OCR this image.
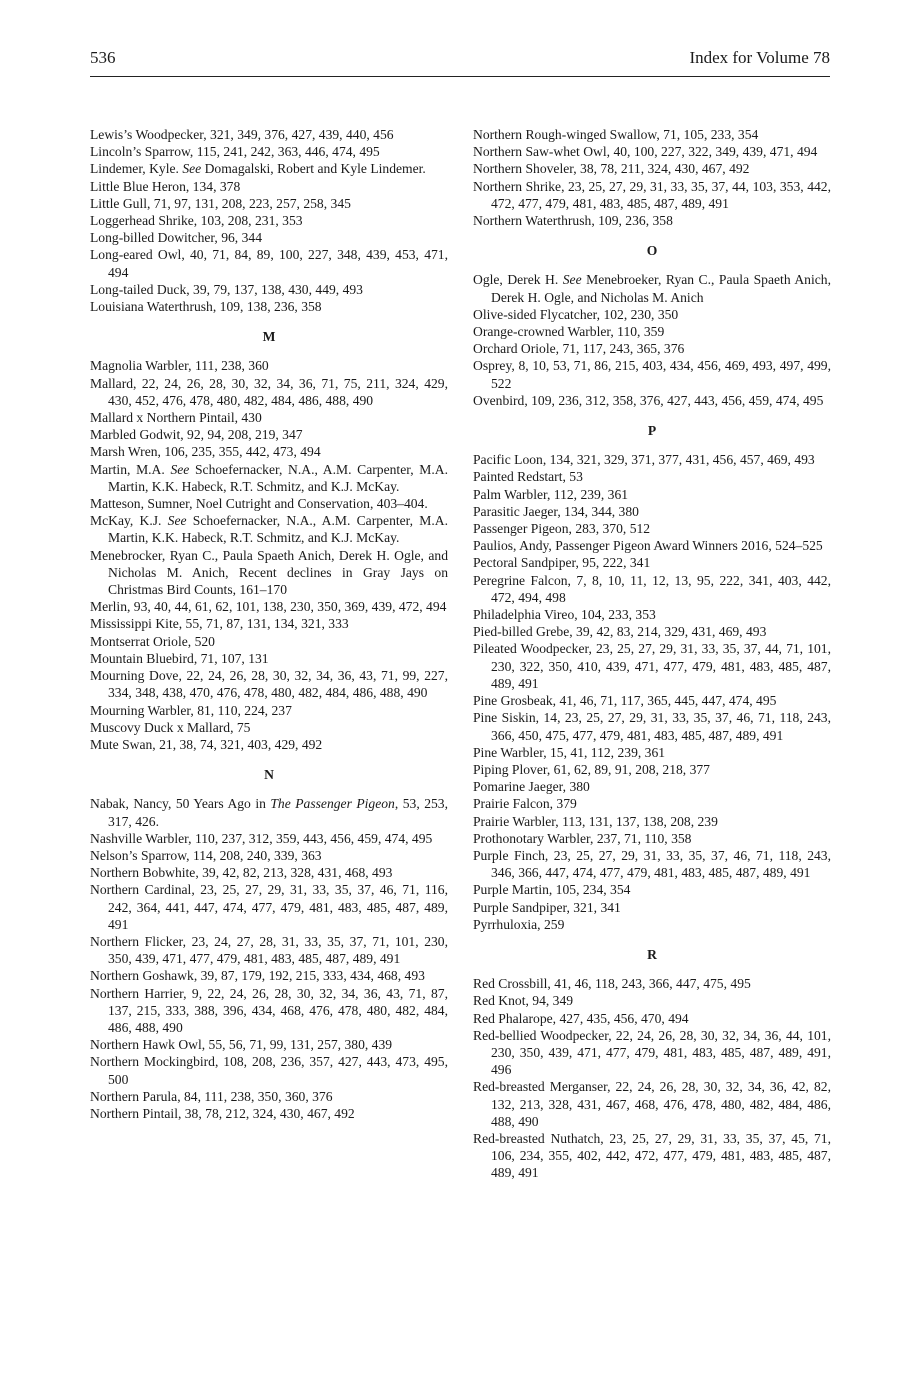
536	Index for Volume 78

Lewis’s Woodpecker, 321, 349, 376, 427, 439, 440, 456

Lincoln’s Sparrow, 115, 241, 242, 363, 446, 474, 495

Lindemer, Kyle. See Domagalski, Robert and Kyle Lindemer.

Little Blue Heron, 134, 378

Little Gull, 71, 97, 131, 208, 223, 257, 258, 345

Loggerhead Shrike, 103, 208, 231, 353

Long-billed Dowitcher, 96, 344

Long-eared Owl, 40, 71, 84, 89, 100, 227, 348, 439, 453, 471, 494

Long-tailed Duck, 39, 79, 137, 138, 430, 449, 493

Louisiana Waterthrush, 109, 138, 236, 358

M

Magnolia Warbler, 111, 238, 360

Mallard, 22, 24, 26, 28, 30, 32, 34, 36, 71, 75, 211, 324, 429, 430, 452, 476, 478, 480, 482, 484, 486, 488, 490

Mallard x Northern Pintail, 430

Marbled Godwit, 92, 94, 208, 219, 347

Marsh Wren, 106, 235, 355, 442, 473, 494

Martin, M.A. See Schoefernacker, N.A., A.M. Carpenter, M.A. Martin, K.K. Habeck, R.T. Schmitz, and K.J. McKay.

Matteson, Sumner, Noel Cutright and Conservation, 403–404.

McKay, K.J. See Schoefernacker, N.A., A.M. Carpenter, M.A. Martin, K.K. Habeck, R.T. Schmitz, and K.J. McKay.

Menebrocker, Ryan C., Paula Spaeth Anich, Derek H. Ogle, and Nicholas M. Anich, Recent declines in Gray Jays on Christmas Bird Counts, 161–170

Merlin, 93, 40, 44, 61, 62, 101, 138, 230, 350, 369, 439, 472, 494

Mississippi Kite, 55, 71, 87, 131, 134, 321, 333

Montserrat Oriole, 520

Mountain Bluebird, 71, 107, 131

Mourning Dove, 22, 24, 26, 28, 30, 32, 34, 36, 43, 71, 99, 227, 334, 348, 438, 470, 476, 478, 480, 482, 484, 486, 488, 490

Mourning Warbler, 81, 110, 224, 237

Muscovy Duck x Mallard, 75

Mute Swan, 21, 38, 74, 321, 403, 429, 492

N

Nabak, Nancy, 50 Years Ago in The Passenger Pigeon, 53, 253, 317, 426.

Nashville Warbler, 110, 237, 312, 359, 443, 456, 459, 474, 495

Nelson’s Sparrow, 114, 208, 240, 339, 363

Northern Bobwhite, 39, 42, 82, 213, 328, 431, 468, 493

Northern Cardinal, 23, 25, 27, 29, 31, 33, 35, 37, 46, 71, 116, 242, 364, 441, 447, 474, 477, 479, 481, 483, 485, 487, 489, 491

Northern Flicker, 23, 24, 27, 28, 31, 33, 35, 37, 71, 101, 230, 350, 439, 471, 477, 479, 481, 483, 485, 487, 489, 491

Northern Goshawk, 39, 87, 179, 192, 215, 333, 434, 468, 493

Northern Harrier, 9, 22, 24, 26, 28, 30, 32, 34, 36, 43, 71, 87, 137, 215, 333, 388, 396, 434, 468, 476, 478, 480, 482, 484, 486, 488, 490

Northern Hawk Owl, 55, 56, 71, 99, 131, 257, 380, 439

Northern Mockingbird, 108, 208, 236, 357, 427, 443, 473, 495, 500

Northern Parula, 84, 111, 238, 350, 360, 376

Northern Pintail, 38, 78, 212, 324, 430, 467, 492

Northern Rough-winged Swallow, 71, 105, 233, 354

Northern Saw-whet Owl, 40, 100, 227, 322, 349, 439, 471, 494

Northern Shoveler, 38, 78, 211, 324, 430, 467, 492

Northern Shrike, 23, 25, 27, 29, 31, 33, 35, 37, 44, 103, 353, 442, 472, 477, 479, 481, 483, 485, 487, 489, 491

Northern Waterthrush, 109, 236, 358

O

Ogle, Derek H. See Menebroeker, Ryan C., Paula Spaeth Anich, Derek H. Ogle, and Nicholas M. Anich

Olive-sided Flycatcher, 102, 230, 350

Orange-crowned Warbler, 110, 359

Orchard Oriole, 71, 117, 243, 365, 376

Osprey, 8, 10, 53, 71, 86, 215, 403, 434, 456, 469, 493, 497, 499, 522

Ovenbird, 109, 236, 312, 358, 376, 427, 443, 456, 459, 474, 495

P

Pacific Loon, 134, 321, 329, 371, 377, 431, 456, 457, 469, 493

Painted Redstart, 53

Palm Warbler, 112, 239, 361

Parasitic Jaeger, 134, 344, 380

Passenger Pigeon, 283, 370, 512

Paulios, Andy, Passenger Pigeon Award Winners 2016, 524–525

Pectoral Sandpiper, 95, 222, 341

Peregrine Falcon, 7, 8, 10, 11, 12, 13, 95, 222, 341, 403, 442, 472, 494, 498

Philadelphia Vireo, 104, 233, 353

Pied-billed Grebe, 39, 42, 83, 214, 329, 431, 469, 493

Pileated Woodpecker, 23, 25, 27, 29, 31, 33, 35, 37, 44, 71, 101, 230, 322, 350, 410, 439, 471, 477, 479, 481, 483, 485, 487, 489, 491

Pine Grosbeak, 41, 46, 71, 117, 365, 445, 447, 474, 495

Pine Siskin, 14, 23, 25, 27, 29, 31, 33, 35, 37, 46, 71, 118, 243, 366, 450, 475, 477, 479, 481, 483, 485, 487, 489, 491

Pine Warbler, 15, 41, 112, 239, 361

Piping Plover, 61, 62, 89, 91, 208, 218, 377

Pomarine Jaeger, 380

Prairie Falcon, 379

Prairie Warbler, 113, 131, 137, 138, 208, 239

Prothonotary Warbler, 237, 71, 110, 358

Purple Finch, 23, 25, 27, 29, 31, 33, 35, 37, 46, 71, 118, 243, 346, 366, 447, 474, 477, 479, 481, 483, 485, 487, 489, 491

Purple Martin, 105, 234, 354

Purple Sandpiper, 321, 341

Pyrrhuloxia, 259

R

Red Crossbill, 41, 46, 118, 243, 366, 447, 475, 495

Red Knot, 94, 349

Red Phalarope, 427, 435, 456, 470, 494

Red-bellied Woodpecker, 22, 24, 26, 28, 30, 32, 34, 36, 44, 101, 230, 350, 439, 471, 477, 479, 481, 483, 485, 487, 489, 491, 496

Red-breasted Merganser, 22, 24, 26, 28, 30, 32, 34, 36, 42, 82, 132, 213, 328, 431, 467, 468, 476, 478, 480, 482, 484, 486, 488, 490

Red-breasted Nuthatch, 23, 25, 27, 29, 31, 33, 35, 37, 45, 71, 106, 234, 355, 402, 442, 472, 477, 479, 481, 483, 485, 487, 489, 491
